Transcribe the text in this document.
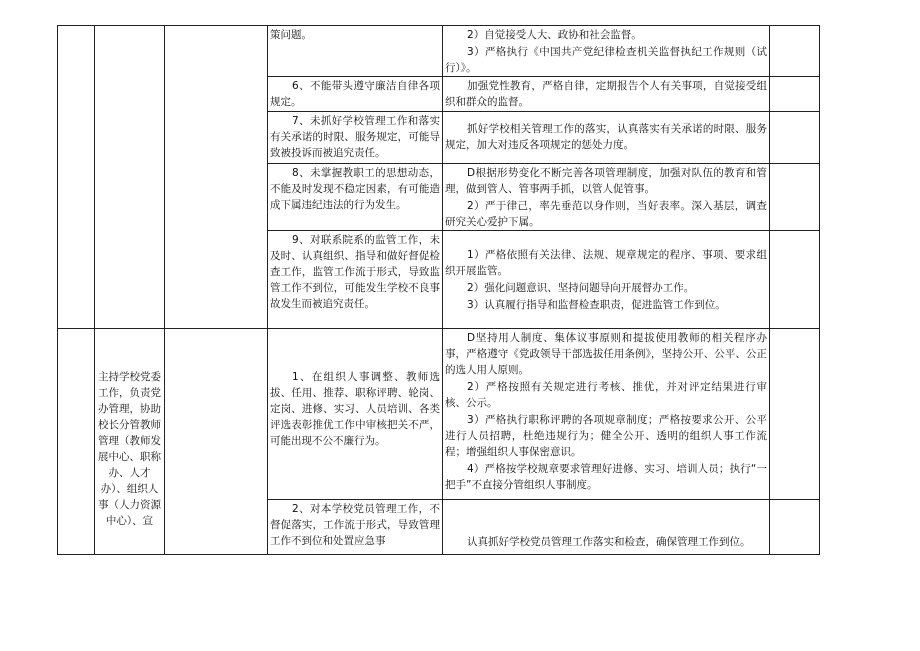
			策问题。	2）自觉接受人大、政协和社会监督。

3）严格执行《中国共产党纪律检查机关监督执纪工作规则（试行）》。	

			6、不能带头遵守廉洁自律各项规定。	加强党性教育，严格自律，定期报告个人有关事项，自觉接受组织和群众的监督。	

			7、未抓好学校管理工作和落实有关承诺的时限、服务规定，可能导致被投诉而被追究责任。	抓好学校相关管理工作的落实，认真落实有关承诺的时限、服务规定，加大对违反各项规定的惩处力度。	

			8、未掌握教职工的思想动态，不能及时发现不稳定因素，有可能造成下属违纪违法的行为发生。	D根据形势变化不断完善各项管理制度，加强对队伍的教育和管理，做到管人、管事两手抓，以管人促管事。

2）严于律己，率先垂范以身作则，当好表率。深入基层，调查研究关心爱护下属。	

			9、对联系院系的监管工作，未及时、认真组织、指导和做好督促检查工作，监管工作流于形式，导致监管工作不到位，可能发生学校不良事故发生而被追究责任。	1）严格依照有关法律、法规、规章规定的程序、事项、要求组织开展监管。

2）强化问题意识、坚持问题导向开展督办工作。

3）认真履行指导和监督检查职责，促进监管工作到位。	

	主持学校党委工作，负责党办管理，协助校长分管教师管理（教师发展中心、职称办、人才办）、组织人事（人力资源中心）、宣		1、在组织人事调整、教师选拔、任用、推荐、职称评聘、轮岗、定岗、进修、实习、人员培训、各类评选表彰推优工作中审核把关不严，可能出现不公不廉行为。	D坚持用人制度、集体议事原则和提拔使用教师的相关程序办事，严格遵守《党政领导干部选拔任用条例》，坚持公开、公平、公正的选人用人原则。

2）严格按照有关规定进行考核、推优，并对评定结果进行审核、公示。

3）严格执行职称评聘的各项规章制度；严格按要求公开、公平进行人员招聘，杜绝违规行为；健全公开、透明的组织人事工作流程；增强组织人事保密意识。

4）严格按学校规章要求管理好进修、实习、培训人员；执行“一把手”不直接分管组织人事制度。	

			2、对本学校党员管理工作，不督促落实，工作流于形式，导致管理工作不到位和处置应急事	认真抓好学校党员管理工作落实和检查，确保管理工作到位。	
